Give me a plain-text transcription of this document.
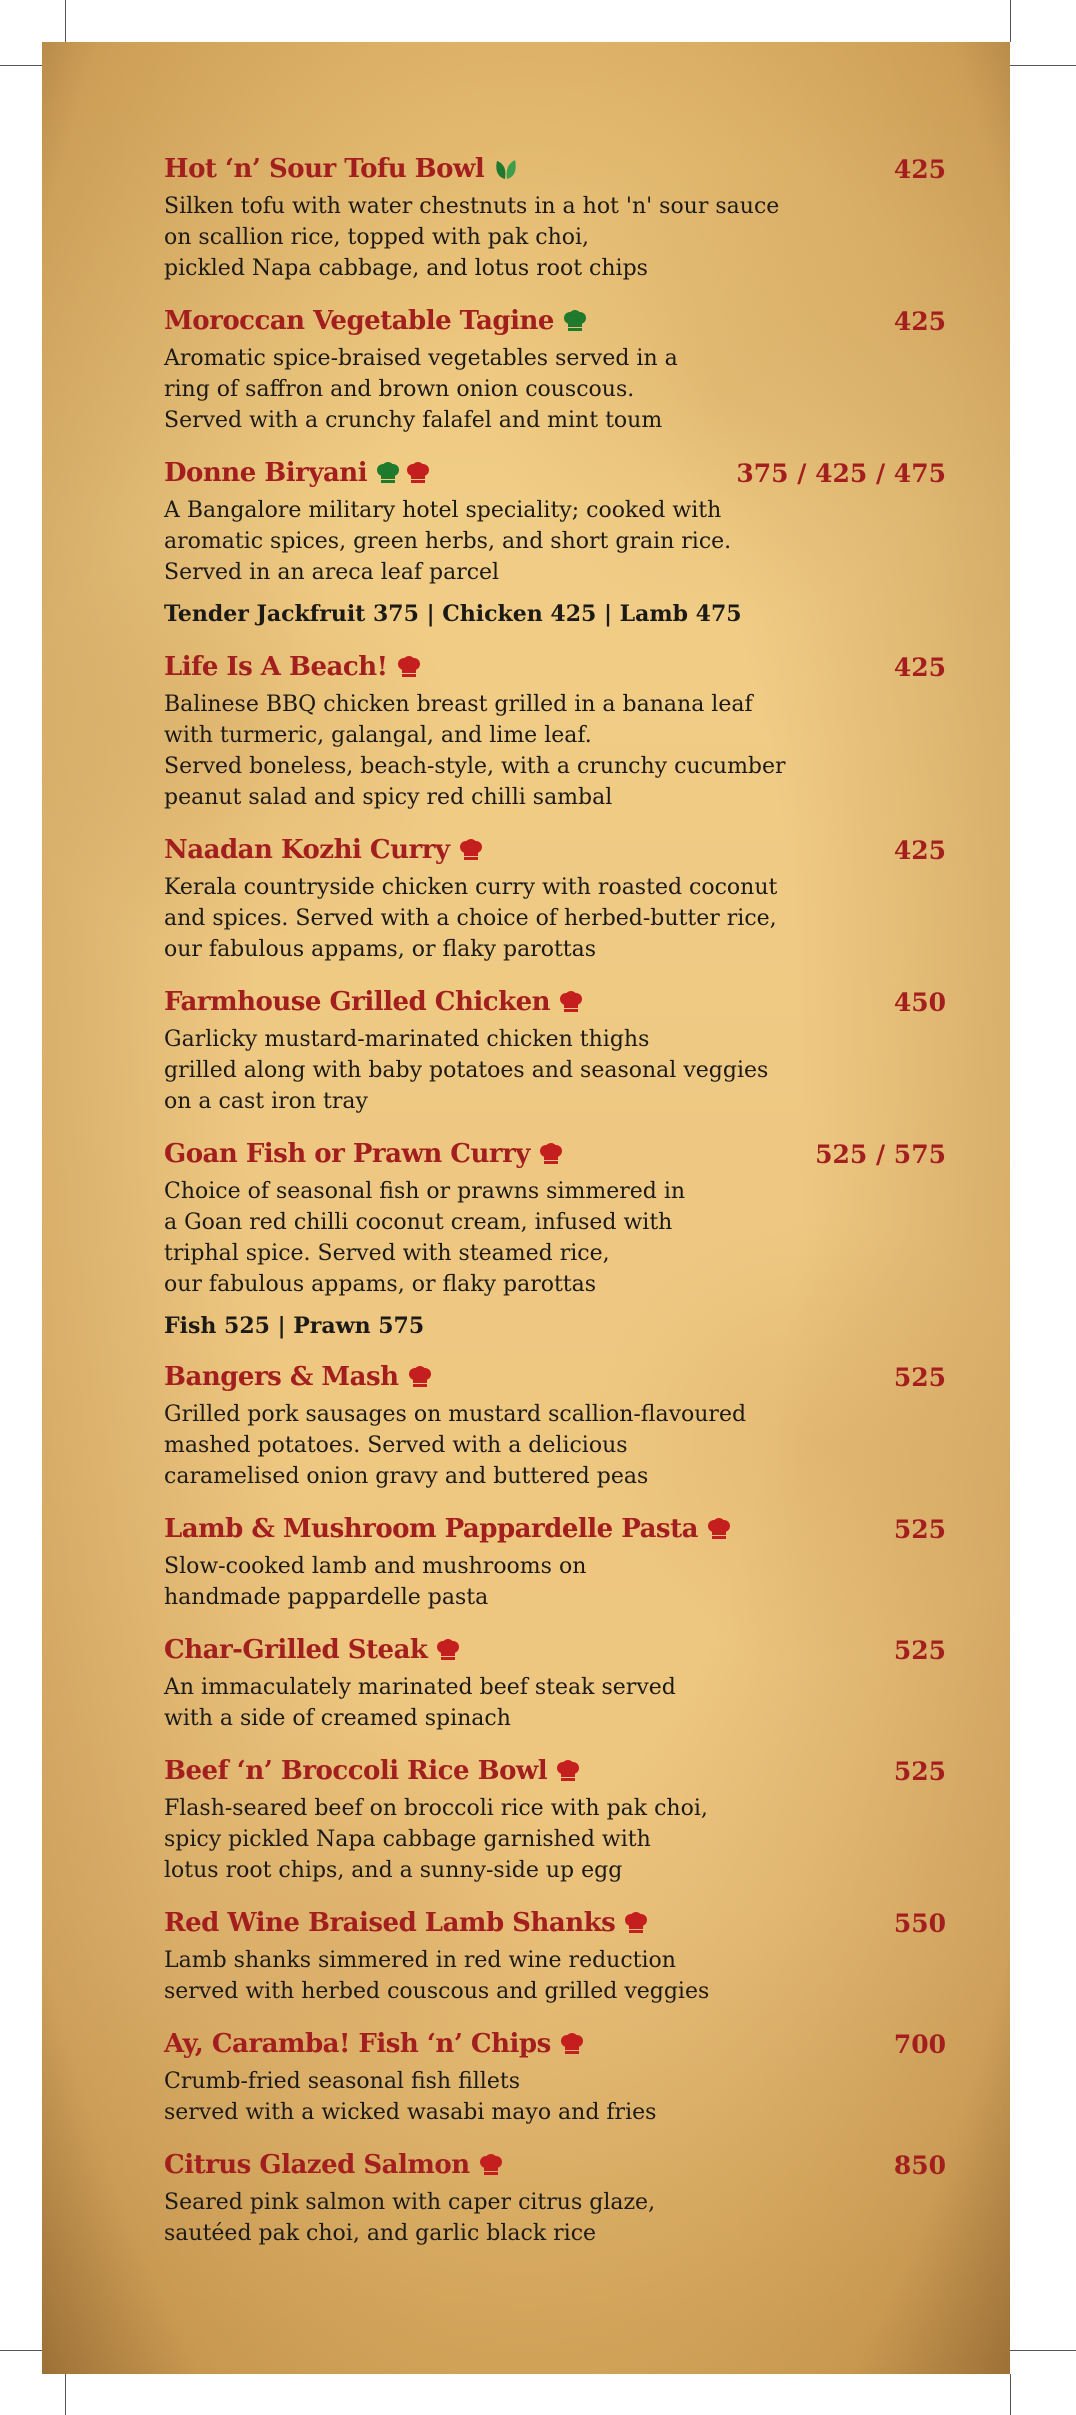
Hot ‘n’ Sour Tofu Bowl	425
Silken tofu with water chestnuts in a hot 'n' sour sauce
on scallion rice, topped with pak choi,
pickled Napa cabbage, and lotus root chips
Moroccan Vegetable Tagine	425
Aromatic spice-braised vegetables served in a
ring of saffron and brown onion couscous.
Served with a crunchy falafel and mint toum
Donne Biryani	375 / 425 / 475
A Bangalore military hotel speciality; cooked with
aromatic spices, green herbs, and short grain rice.
Served in an areca leaf parcel
Tender Jackfruit 375 | Chicken 425 | Lamb 475
Life Is A Beach!	425
Balinese BBQ chicken breast grilled in a banana leaf
with turmeric, galangal, and lime leaf.
Served boneless, beach-style, with a crunchy cucumber
peanut salad and spicy red chilli sambal
Naadan Kozhi Curry	425
Kerala countryside chicken curry with roasted coconut
and spices. Served with a choice of herbed-butter rice,
our fabulous appams, or flaky parottas
Farmhouse Grilled Chicken	450
Garlicky mustard-marinated chicken thighs
grilled along with baby potatoes and seasonal veggies
on a cast iron tray
Goan Fish or Prawn Curry	525 / 575
Choice of seasonal fish or prawns simmered in
a Goan red chilli coconut cream, infused with
triphal spice. Served with steamed rice,
our fabulous appams, or flaky parottas
Fish 525 | Prawn 575
Bangers & Mash	525
Grilled pork sausages on mustard scallion-flavoured
mashed potatoes. Served with a delicious
caramelised onion gravy and buttered peas
Lamb & Mushroom Pappardelle Pasta	525
Slow-cooked lamb and mushrooms on
handmade pappardelle pasta
Char-Grilled Steak	525
An immaculately marinated beef steak served
with a side of creamed spinach
Beef ‘n’ Broccoli Rice Bowl	525
Flash-seared beef on broccoli rice with pak choi,
spicy pickled Napa cabbage garnished with
lotus root chips, and a sunny-side up egg
Red Wine Braised Lamb Shanks	550
Lamb shanks simmered in red wine reduction
served with herbed couscous and grilled veggies
Ay, Caramba! Fish ‘n’ Chips	700
Crumb-fried seasonal fish fillets
served with a wicked wasabi mayo and fries
Citrus Glazed Salmon	850
Seared pink salmon with caper citrus glaze,
sautéed pak choi, and garlic black rice
